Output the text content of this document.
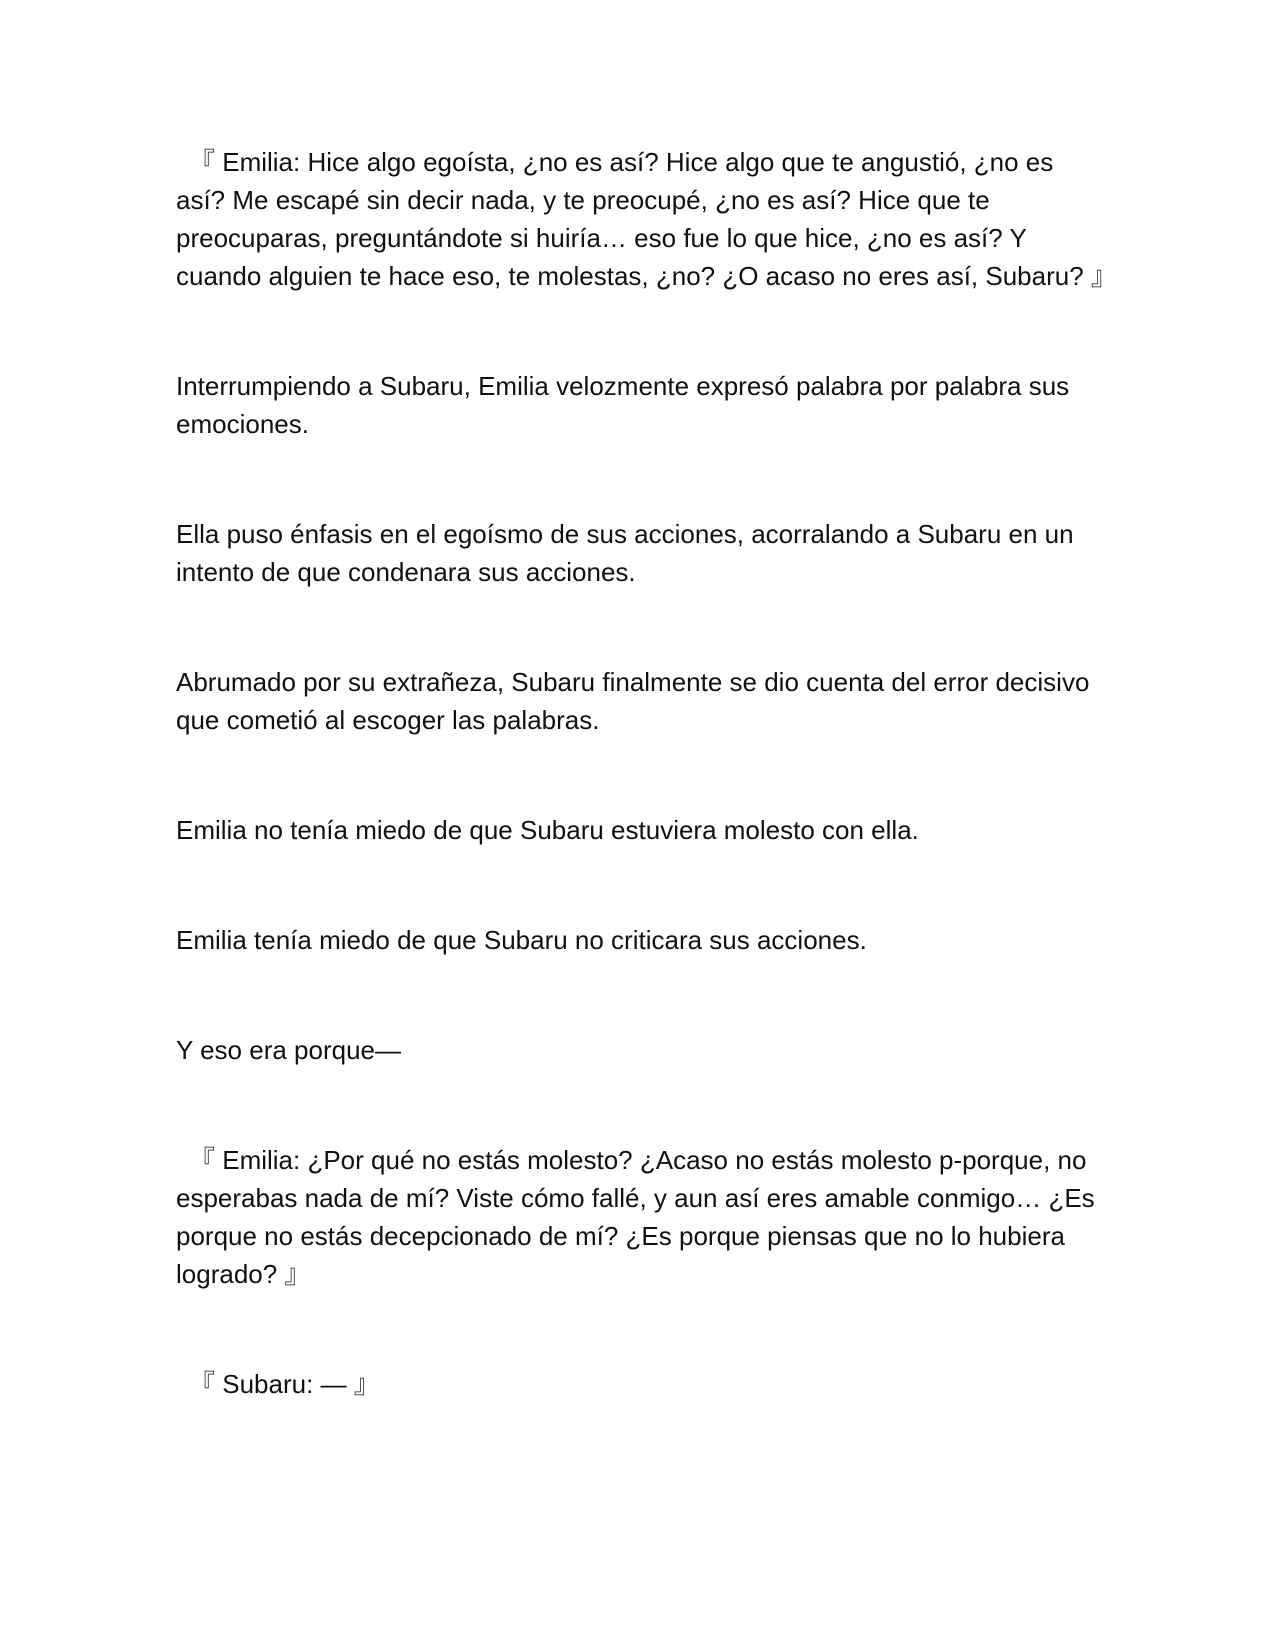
　『 Emilia: Hice algo egoísta, ¿no es así? Hice algo que te angustió, ¿no es así? Me escapé sin decir nada, y te preocupé, ¿no es así? Hice que te preocuparas, preguntándote si huiría… eso fue lo que hice, ¿no es así? Y cuando alguien te hace eso, te molestas, ¿no? ¿O acaso no eres así, Subaru? 』

Interrumpiendo a Subaru, Emilia velozmente expresó palabra por palabra sus emociones.

Ella puso énfasis en el egoísmo de sus acciones, acorralando a Subaru en un intento de que condenara sus acciones.

Abrumado por su extrañeza, Subaru finalmente se dio cuenta del error decisivo que cometió al escoger las palabras.

Emilia no tenía miedo de que Subaru estuviera molesto con ella.

Emilia tenía miedo de que Subaru no criticara sus acciones.

Y eso era porque—

　『 Emilia: ¿Por qué no estás molesto? ¿Acaso no estás molesto p-porque, no esperabas nada de mí? Viste cómo fallé, y aun así eres amable conmigo… ¿Es porque no estás decepcionado de mí? ¿Es porque piensas que no lo hubiera logrado? 』

　『 Subaru: — 』
